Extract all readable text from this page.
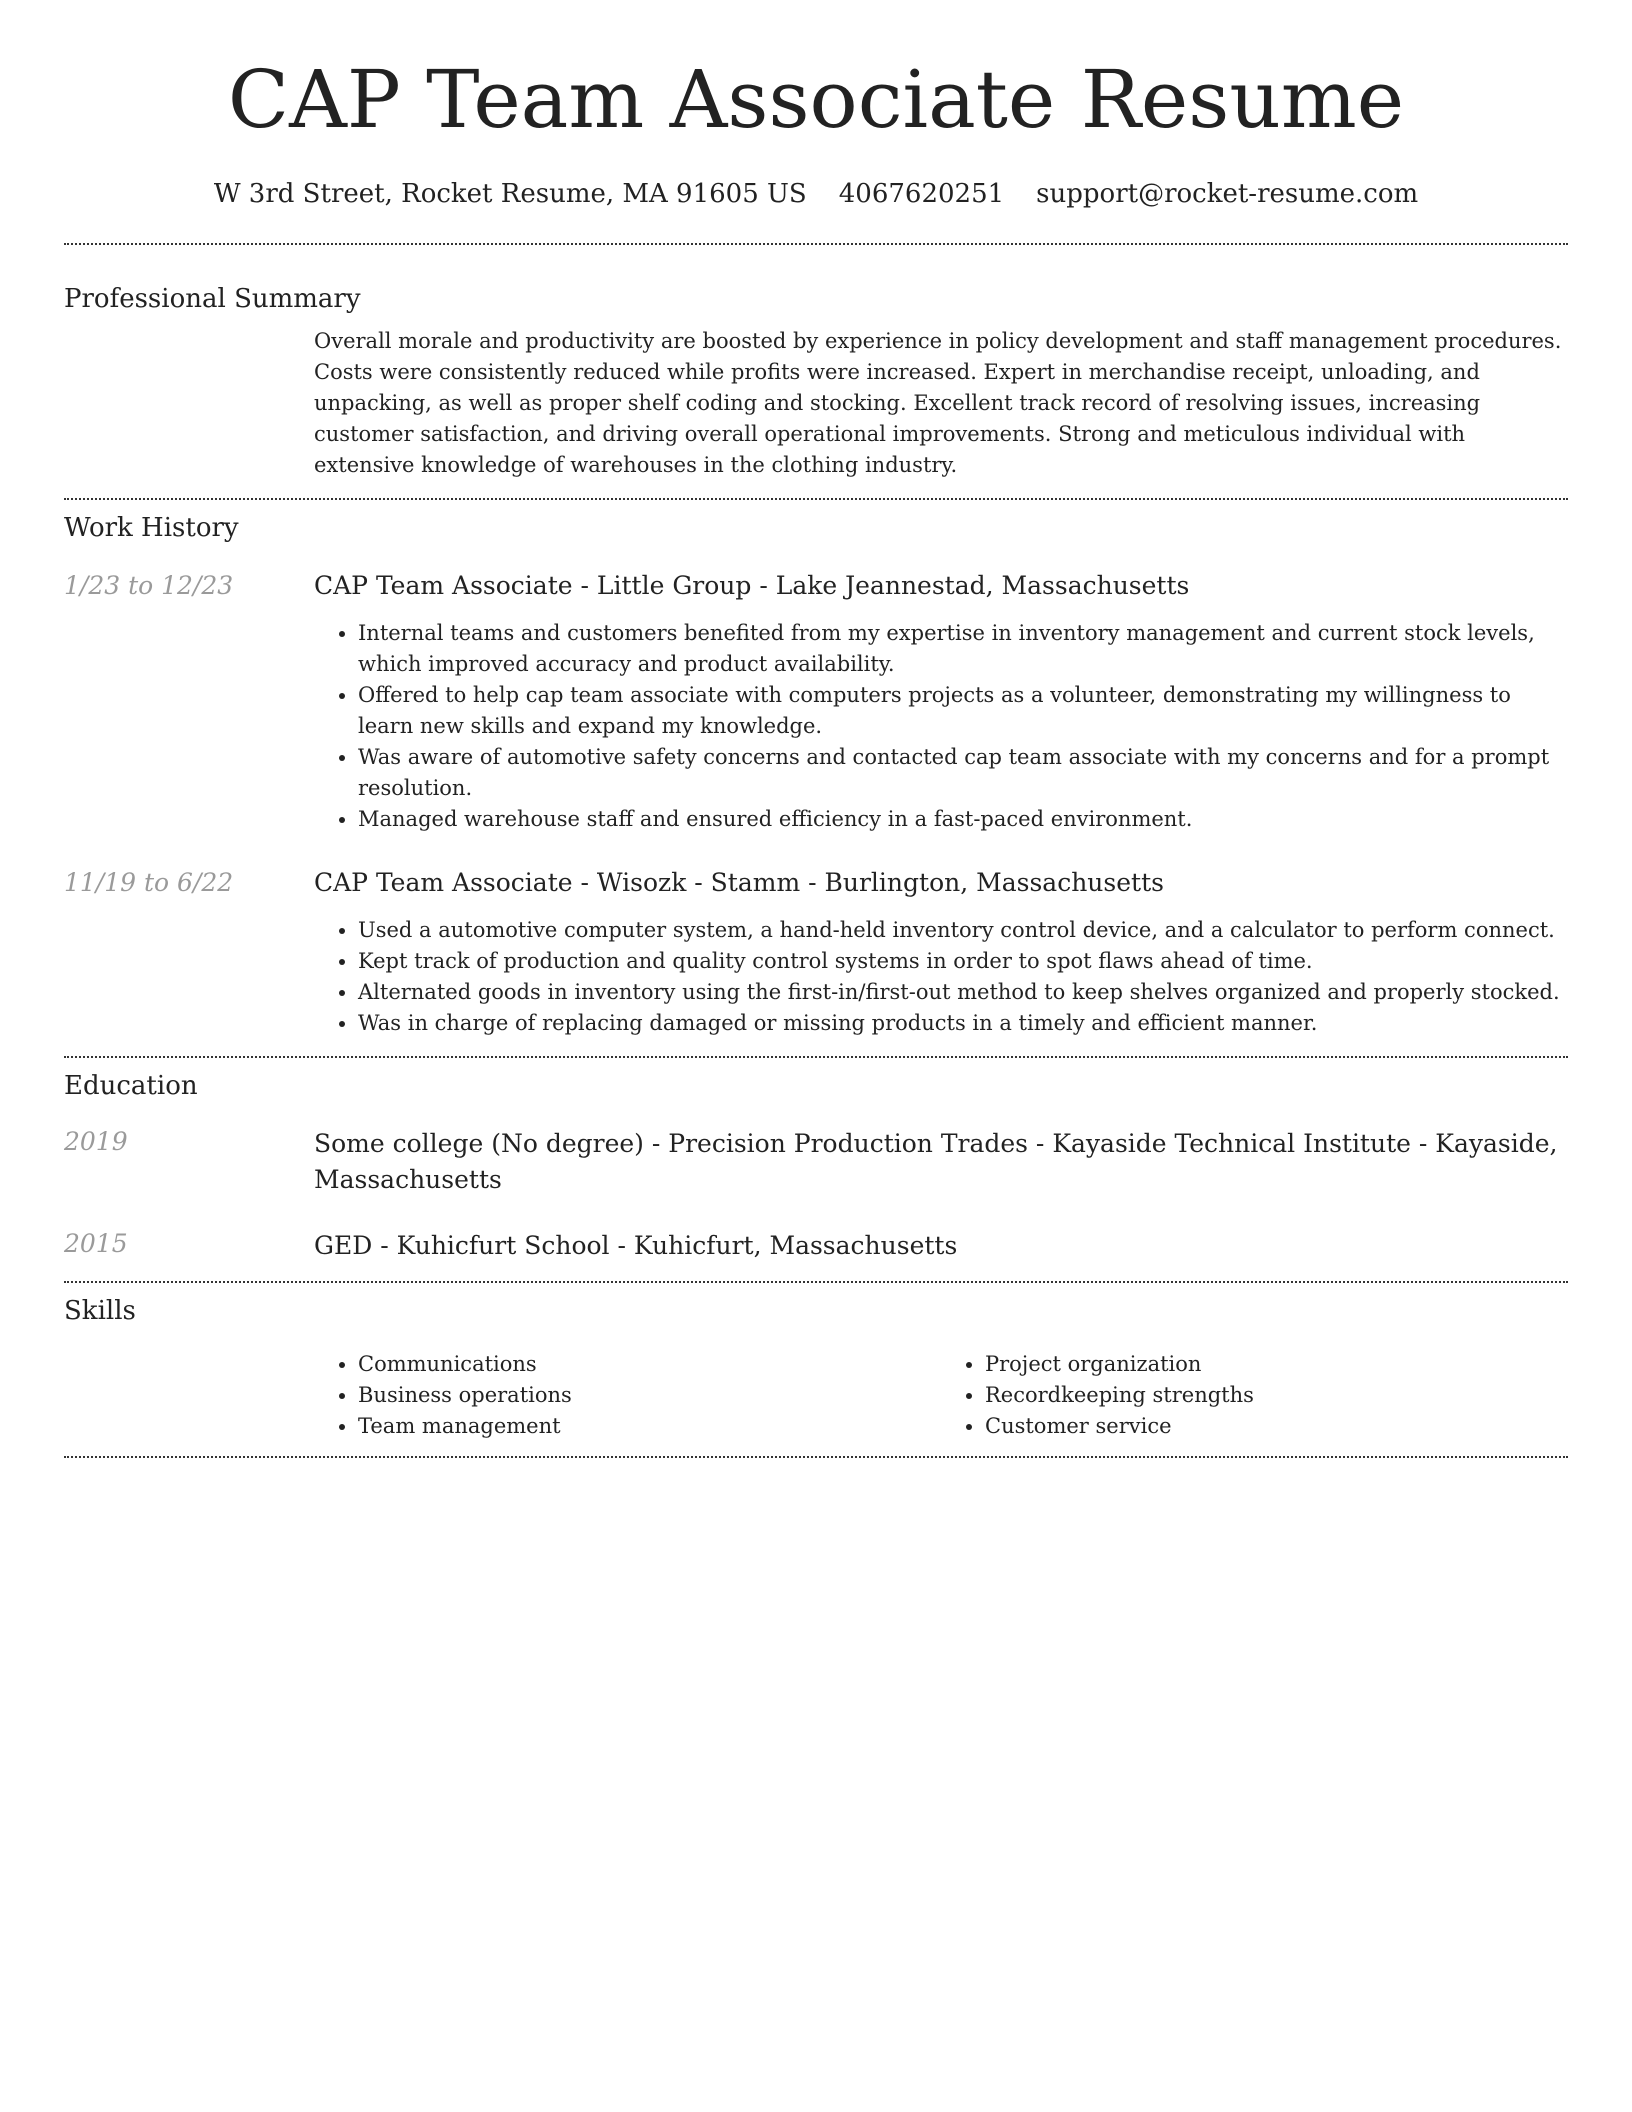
CAP Team Associate Resume
W 3rd Street, Rocket Resume, MA 91605 US 4067620251 support@rocket-resume.com
Professional Summary

Overall morale and productivity are boosted by experience in policy development and staff management procedures. Costs were consistently reduced while profits were increased. Expert in merchandise receipt, unloading, and unpacking, as well as proper shelf coding and stocking. Excellent track record of resolving issues, increasing customer satisfaction, and driving overall operational improvements. Strong and meticulous individual with extensive knowledge of warehouses in the clothing industry.

Work History
1/23 to 12/23	CAP Team Associate - Little Group - Lake Jeannestad, Massachusetts
• Internal teams and customers benefited from my expertise in inventory management and current stock levels, which improved accuracy and product availability.
• Offered to help cap team associate with computers projects as a volunteer, demonstrating my willingness to learn new skills and expand my knowledge.
• Was aware of automotive safety concerns and contacted cap team associate with my concerns and for a prompt resolution.
• Managed warehouse staff and ensured efficiency in a fast-paced environment.
11/19 to 6/22	CAP Team Associate - Wisozk - Stamm - Burlington, Massachusetts
• Used a automotive computer system, a hand-held inventory control device, and a calculator to perform connect.
• Kept track of production and quality control systems in order to spot flaws ahead of time.
• Alternated goods in inventory using the first-in/first-out method to keep shelves organized and properly stocked.
• Was in charge of replacing damaged or missing products in a timely and efficient manner.
Education
2019	Some college (No degree) - Precision Production Trades - Kayaside Technical Institute - Kayaside, Massachusetts
2015	GED - Kuhicfurt School - Kuhicfurt, Massachusetts
Skills
• Communications
• Business operations
• Team management
• Project organization
• Recordkeeping strengths
• Customer service
